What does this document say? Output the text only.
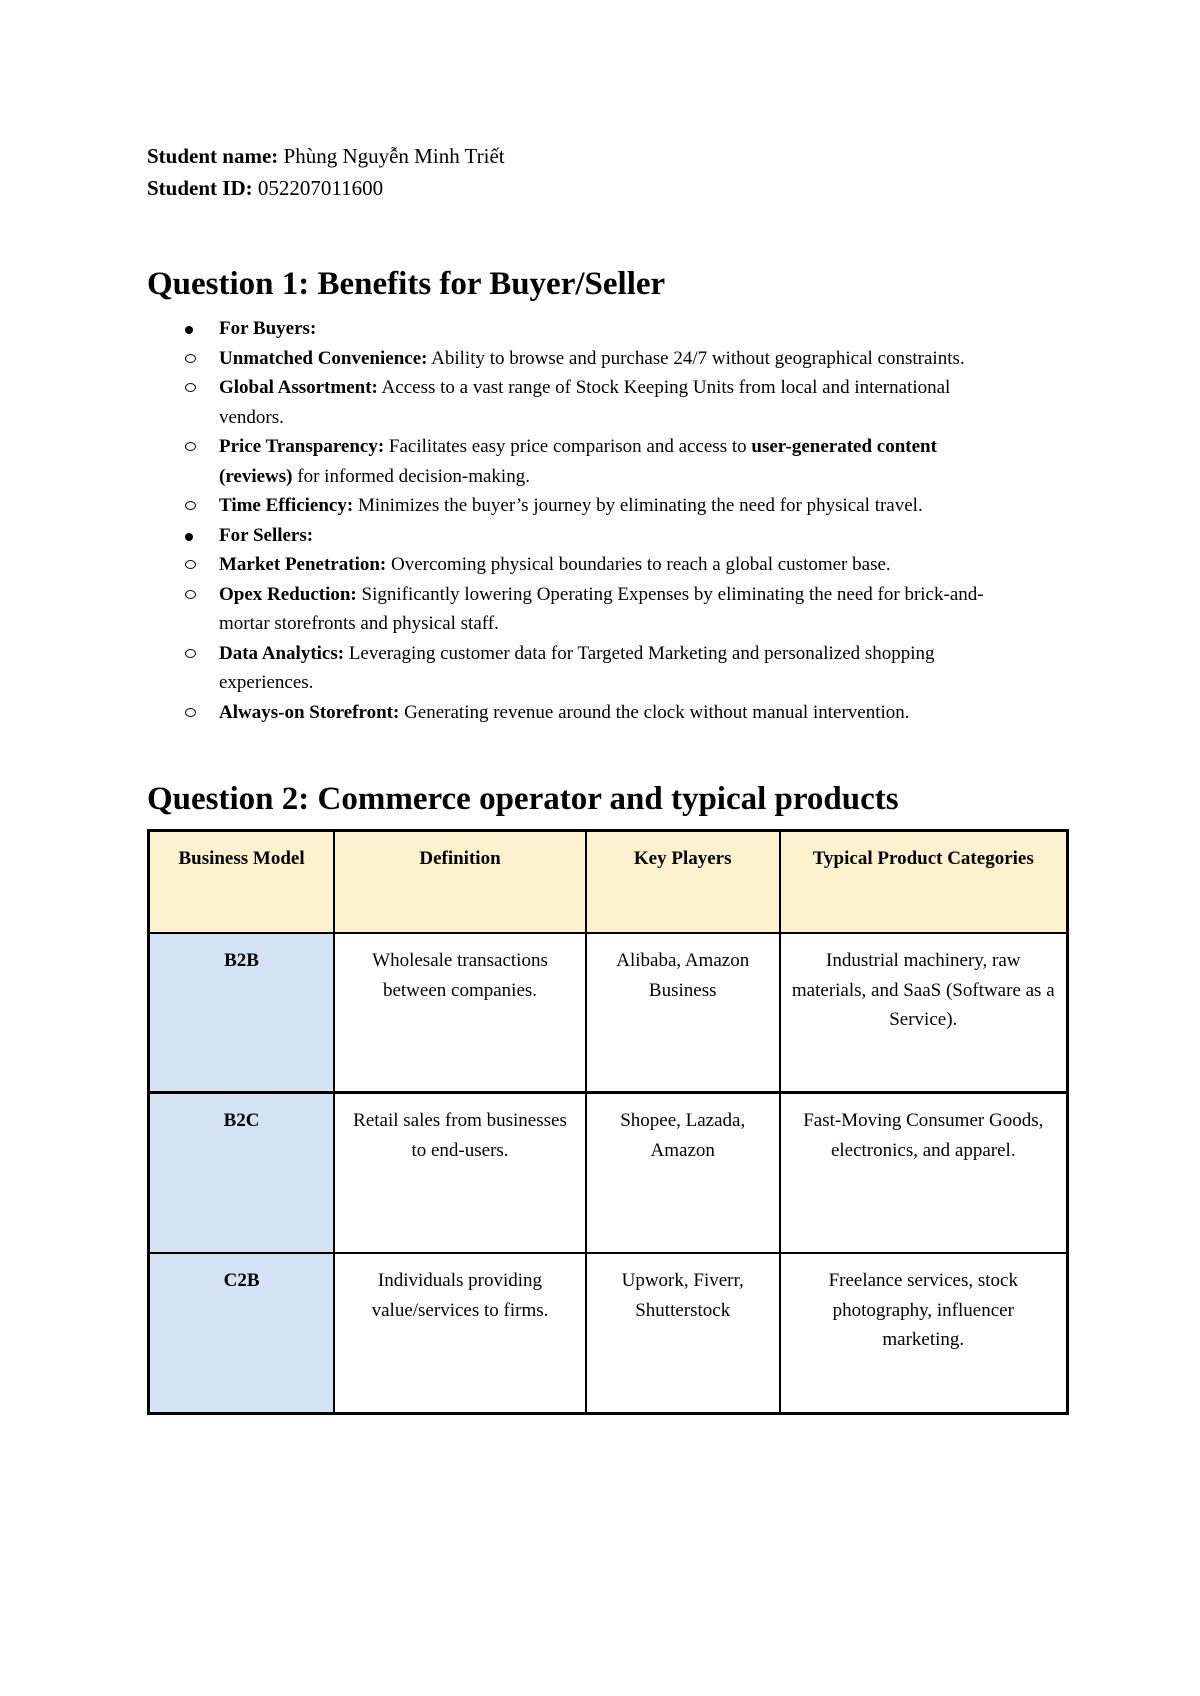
Student name: Phùng Nguyễn Minh Triết

Student ID: 052207011600

Question 1: Benefits for Buyer/Seller
For Buyers:
Unmatched Convenience: Ability to browse and purchase 24/7 without geographical constraints.
Global Assortment: Access to a vast range of Stock Keeping Units from local and international vendors.
Price Transparency: Facilitates easy price comparison and access to user-generated content (reviews) for informed decision-making.
Time Efficiency: Minimizes the buyer’s journey by eliminating the need for physical travel.
For Sellers:
Market Penetration: Overcoming physical boundaries to reach a global customer base.
Opex Reduction: Significantly lowering Operating Expenses by eliminating the need for brick-and-mortar storefronts and physical staff.
Data Analytics: Leveraging customer data for Targeted Marketing and personalized shopping experiences.
Always-on Storefront: Generating revenue around the clock without manual intervention.
Question 2: Commerce operator and typical products
Business Model	Definition	Key Players	Typical Product Categories
B2B	Wholesale transactions between companies.	Alibaba, Amazon Business	Industrial machinery, raw materials, and SaaS (Software as a Service).
B2C	Retail sales from businesses to end-users.	Shopee, Lazada, Amazon	Fast-Moving Consumer Goods, electronics, and apparel.
C2B	Individuals providing value/services to firms.	Upwork, Fiverr, Shutterstock	Freelance services, stock photography, influencer marketing.
